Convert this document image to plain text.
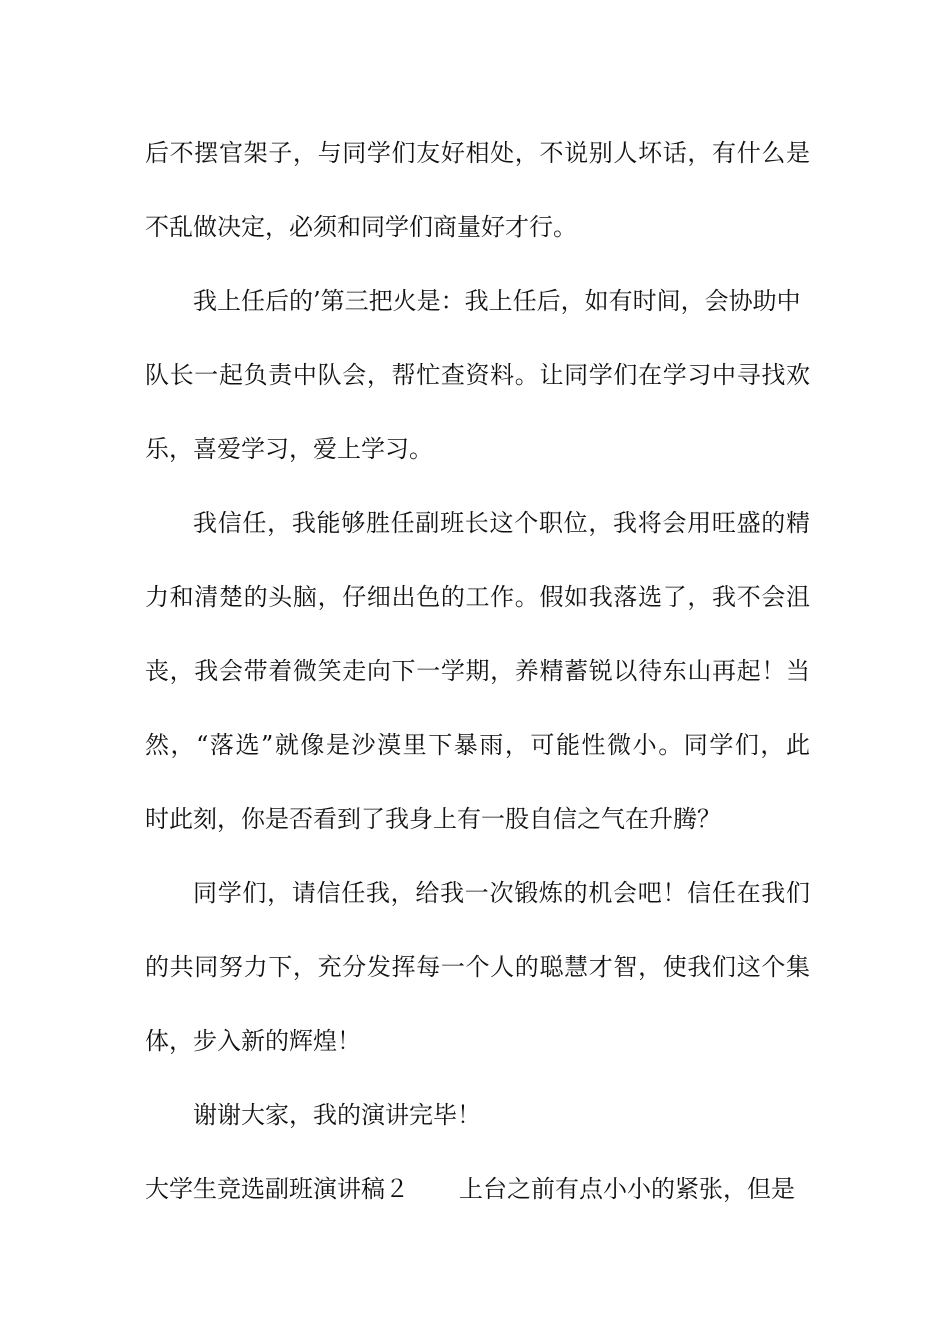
后不摆官架子，与同学们友好相处，不说别人坏话，有什么是
不乱做决定，必须和同学们商量好才行。
我上任后的’第三把火是：我上任后，如有时间，会协助中
队长一起负责中队会，帮忙查资料。让同学们在学习中寻找欢
乐，喜爱学习，爱上学习。
我信任，我能够胜任副班长这个职位，我将会用旺盛的精
力和清楚的头脑，仔细出色的工作。假如我落选了，我不会沮
丧，我会带着微笑走向下一学期，养精蓄锐以待东山再起！当
然，“落选”就像是沙漠里下暴雨，可能性微小。同学们，此
时此刻，你是否看到了我身上有一股自信之气在升腾？
同学们，请信任我，给我一次锻炼的机会吧！信任在我们
的共同努力下，充分发挥每一个人的聪慧才智，使我们这个集
体，步入新的辉煌！
谢谢大家，我的演讲完毕！
大学生竞选副班演讲稿２ 上台之前有点小小的紧张，但是
